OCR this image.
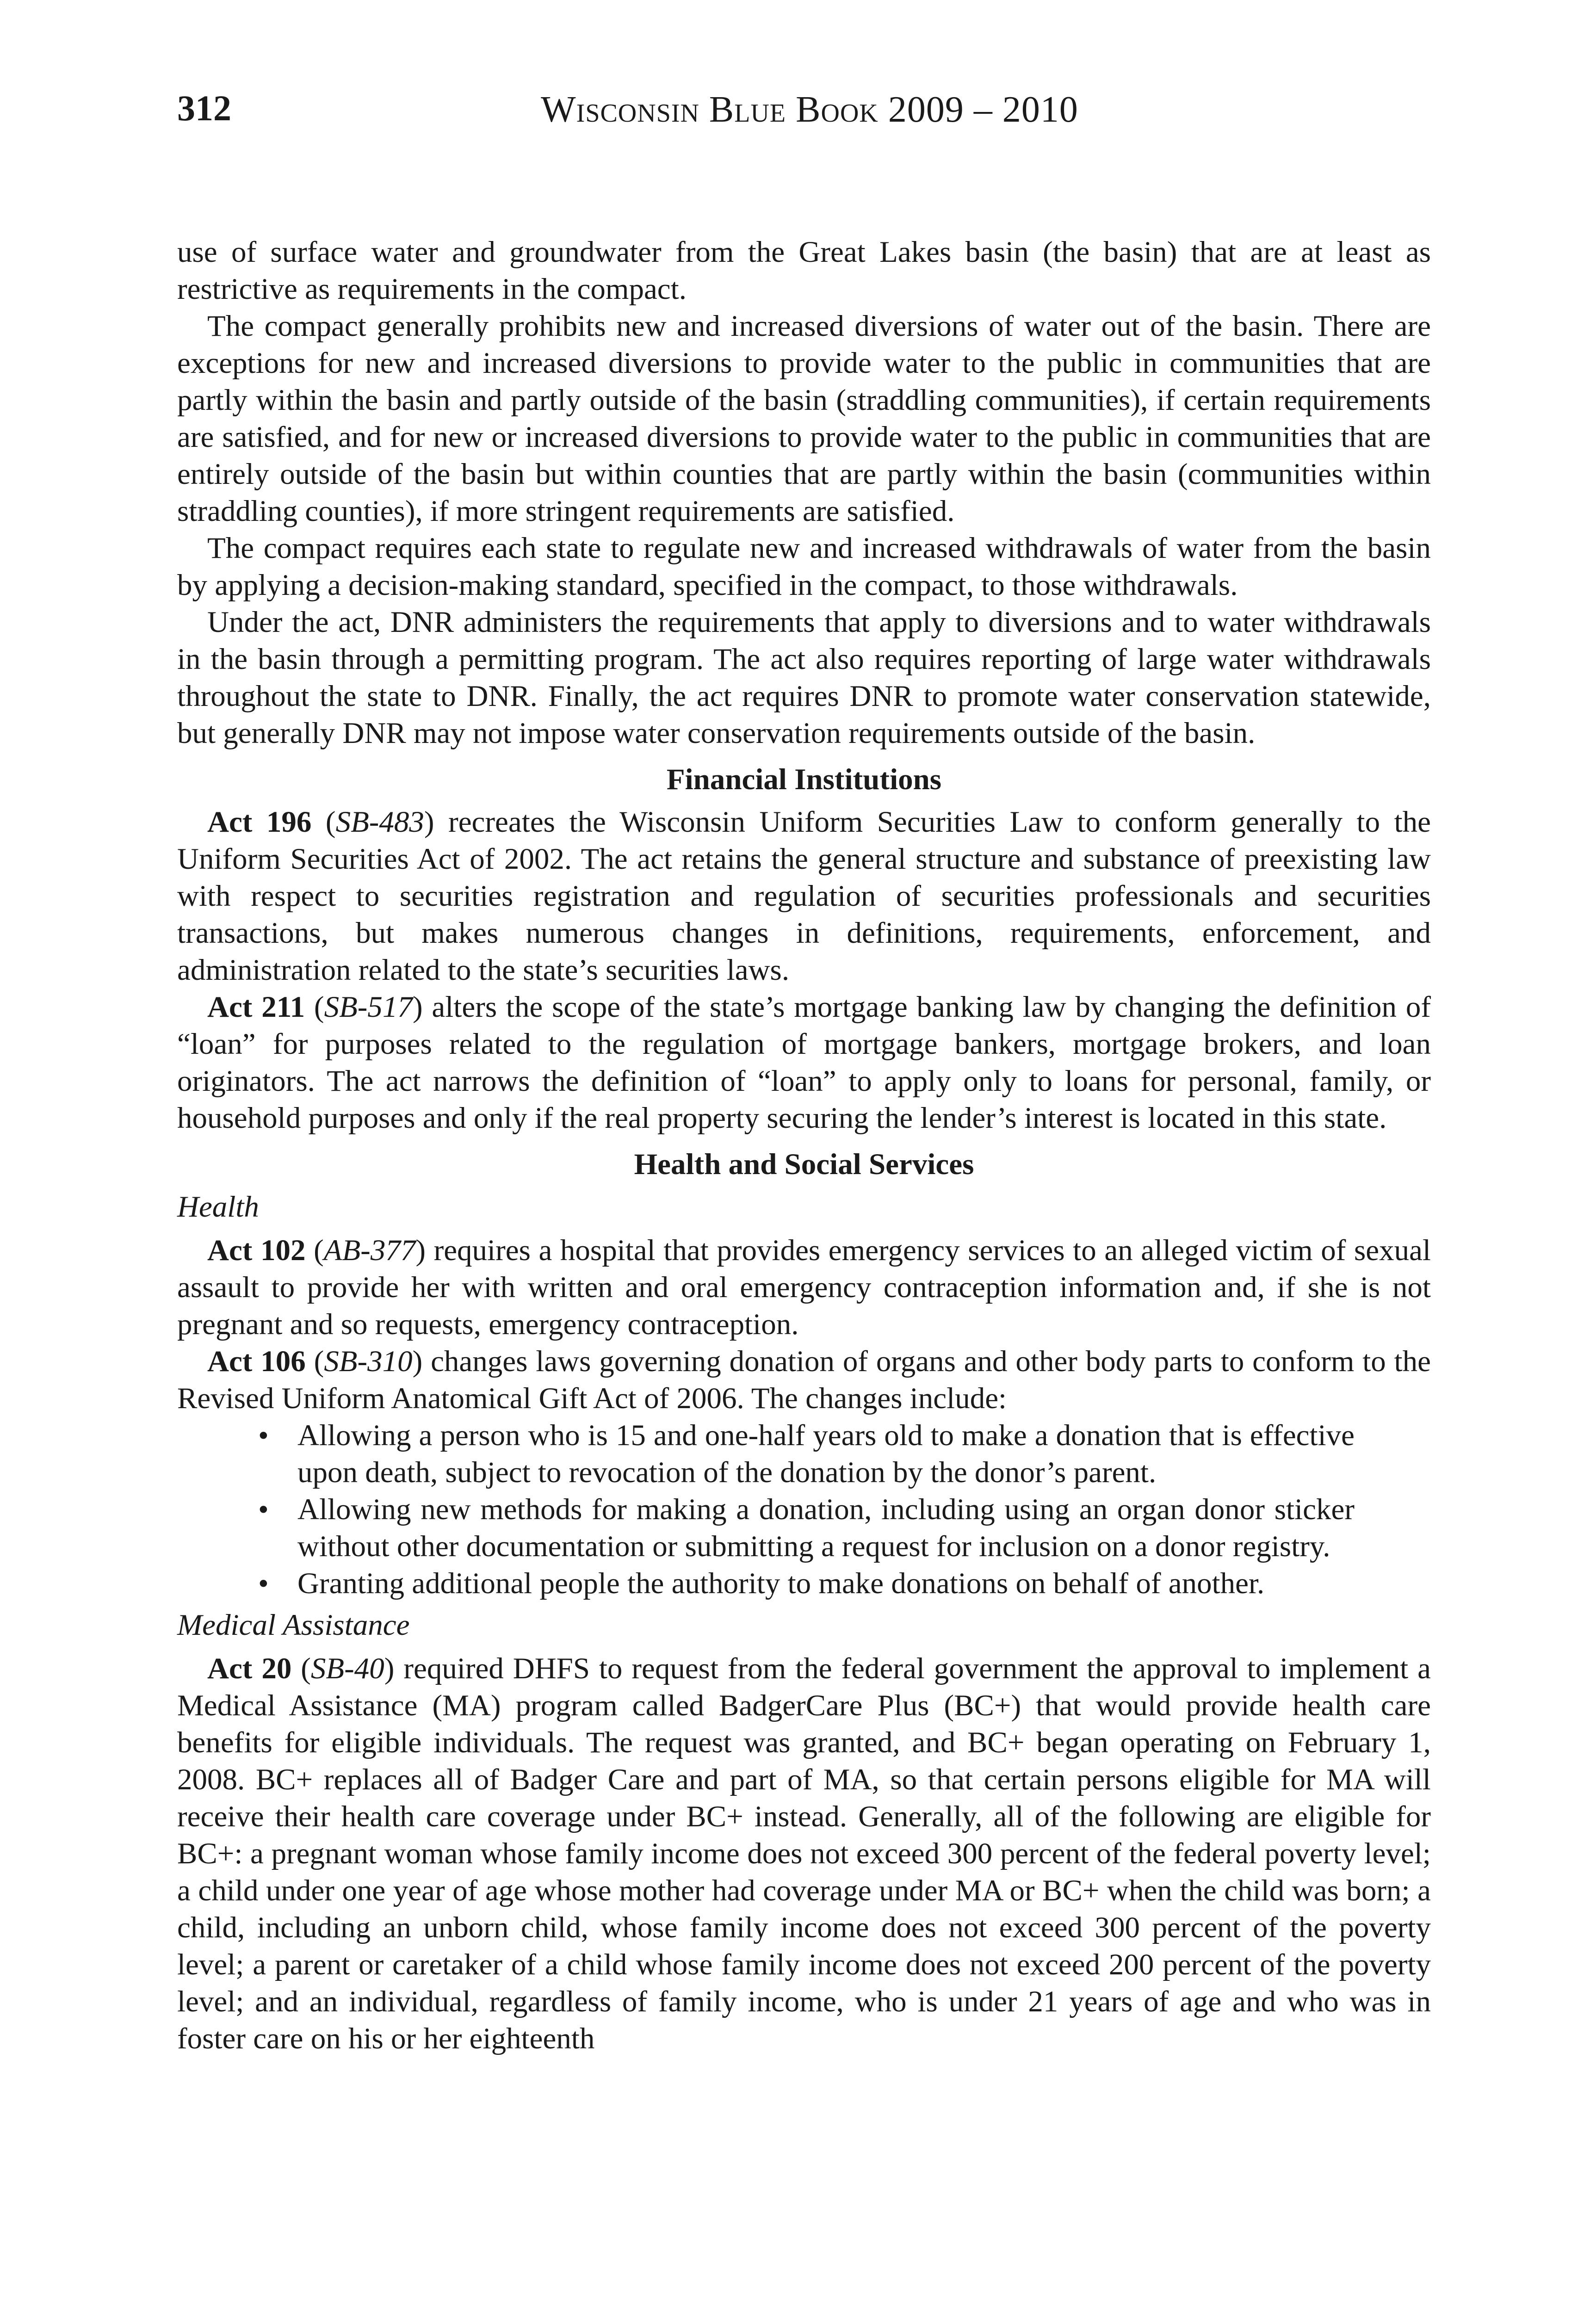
312	Wisconsin Blue Book 2009 – 2010

use of surface water and groundwater from the Great Lakes basin (the basin) that are at least as restrictive as requirements in the compact.

The compact generally prohibits new and increased diversions of water out of the basin. There are exceptions for new and increased diversions to provide water to the public in communities that are partly within the basin and partly outside of the basin (straddling communities), if certain requirements are satisfied, and for new or increased diversions to provide water to the public in communities that are entirely outside of the basin but within counties that are partly within the basin (communities within straddling counties), if more stringent requirements are satisfied.

The compact requires each state to regulate new and increased withdrawals of water from the basin by applying a decision-making standard, specified in the compact, to those withdrawals.

Under the act, DNR administers the requirements that apply to diversions and to water withdrawals in the basin through a permitting program. The act also requires reporting of large water withdrawals throughout the state to DNR. Finally, the act requires DNR to promote water conservation statewide, but generally DNR may not impose water conservation requirements outside of the basin.

Financial Institutions

Act 196 (SB-483) recreates the Wisconsin Uniform Securities Law to conform generally to the Uniform Securities Act of 2002. The act retains the general structure and substance of preexisting law with respect to securities registration and regulation of securities professionals and securities transactions, but makes numerous changes in definitions, requirements, enforcement, and administration related to the state’s securities laws.

Act 211 (SB-517) alters the scope of the state’s mortgage banking law by changing the definition of “loan” for purposes related to the regulation of mortgage bankers, mortgage brokers, and loan originators. The act narrows the definition of “loan” to apply only to loans for personal, family, or household purposes and only if the real property securing the lender’s interest is located in this state.

Health and Social Services
Health

Act 102 (AB-377) requires a hospital that provides emergency services to an alleged victim of sexual assault to provide her with written and oral emergency contraception information and, if she is not pregnant and so requests, emergency contraception.

Act 106 (SB-310) changes laws governing donation of organs and other body parts to conform to the Revised Uniform Anatomical Gift Act of 2006. The changes include:

• Allowing a person who is 15 and one-half years old to make a donation that is effective upon death, subject to revocation of the donation by the donor’s parent.
• Allowing new methods for making a donation, including using an organ donor sticker without other documentation or submitting a request for inclusion on a donor registry.
• Granting additional people the authority to make donations on behalf of another.
Medical Assistance

Act 20 (SB-40) required DHFS to request from the federal government the approval to implement a Medical Assistance (MA) program called BadgerCare Plus (BC+) that would provide health care benefits for eligible individuals. The request was granted, and BC+ began operating on February 1, 2008. BC+ replaces all of Badger Care and part of MA, so that certain persons eligible for MA will receive their health care coverage under BC+ instead. Generally, all of the following are eligible for BC+: a pregnant woman whose family income does not exceed 300 percent of the federal poverty level; a child under one year of age whose mother had coverage under MA or BC+ when the child was born; a child, including an unborn child, whose family income does not exceed 300 percent of the poverty level; a parent or caretaker of a child whose family income does not exceed 200 percent of the poverty level; and an individual, regardless of family income, who is under 21 years of age and who was in foster care on his or her eighteenth
